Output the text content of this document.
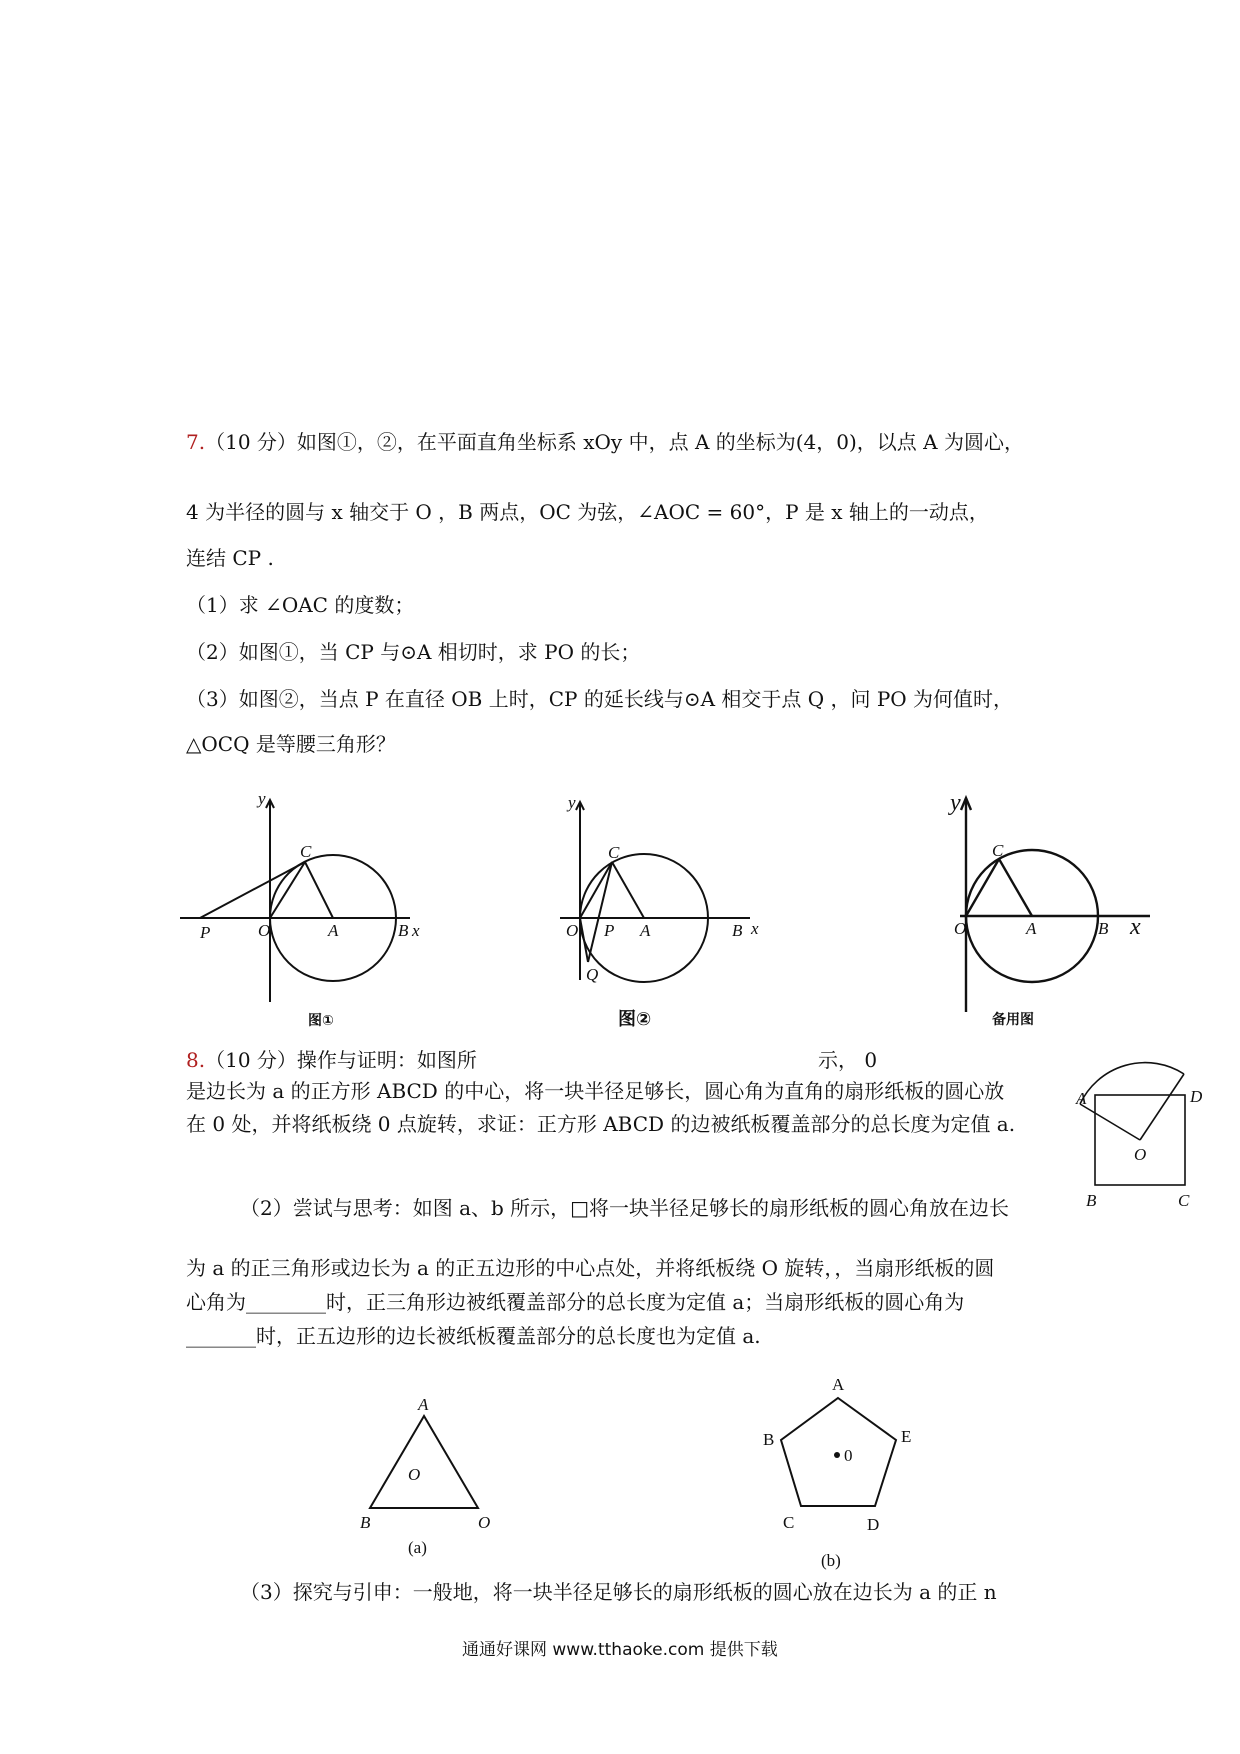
7.（10 分）如图①，②，在平面直角坐标系 xOy 中，点 A 的坐标为(4，0)，以点 A 为圆心，
4 为半径的圆与 x 轴交于 O ，B 两点，OC 为弦，∠AOC = 60°，P 是 x 轴上的一动点，
连结 CP .
（1）求 ∠OAC 的度数；
（2）如图①，当 CP 与⊙A 相切时，求 PO 的长；
（3）如图②，当点 P 在直径 OB 上时，CP 的延长线与⊙A 相交于点 Q ，问 PO 为何值时，
△OCQ 是等腰三角形？
y
C
P	O	A	B x
图①
y
C
O P A	B x
Q
图②
y
C
O	A	B x
备用图
8.（10 分）操作与证明：如图所	示， 0
是边长为 a 的正方形 ABCD 的中心，将一块半径足够长，圆心角为直角的扇形纸板的圆心放
在 0 处，并将纸板绕 0 点旋转，求证：正方形 ABCD 的边被纸板覆盖部分的总长度为定值 a.
A	D
O
B	C
（2）尝试与思考：如图 a、b 所示，□将一块半径足够长的扇形纸板的圆心角放在边长
为 a 的正三角形或边长为 a 的正五边形的中心点处，并将纸板绕 O 旋转，，当扇形纸板的圆
心角为________时，正三角形边被纸覆盖部分的总长度为定值 a；当扇形纸板的圆心角为
_______时，正五边形的边长被纸板覆盖部分的总长度也为定值 a.
A
B	O
O
(a)
A
B
C	D
E
0
(b)
（3）探究与引申：一般地，将一块半径足够长的扇形纸板的圆心放在边长为 a 的正 n
通通好课网 www.tthaoke.com 提供下载
